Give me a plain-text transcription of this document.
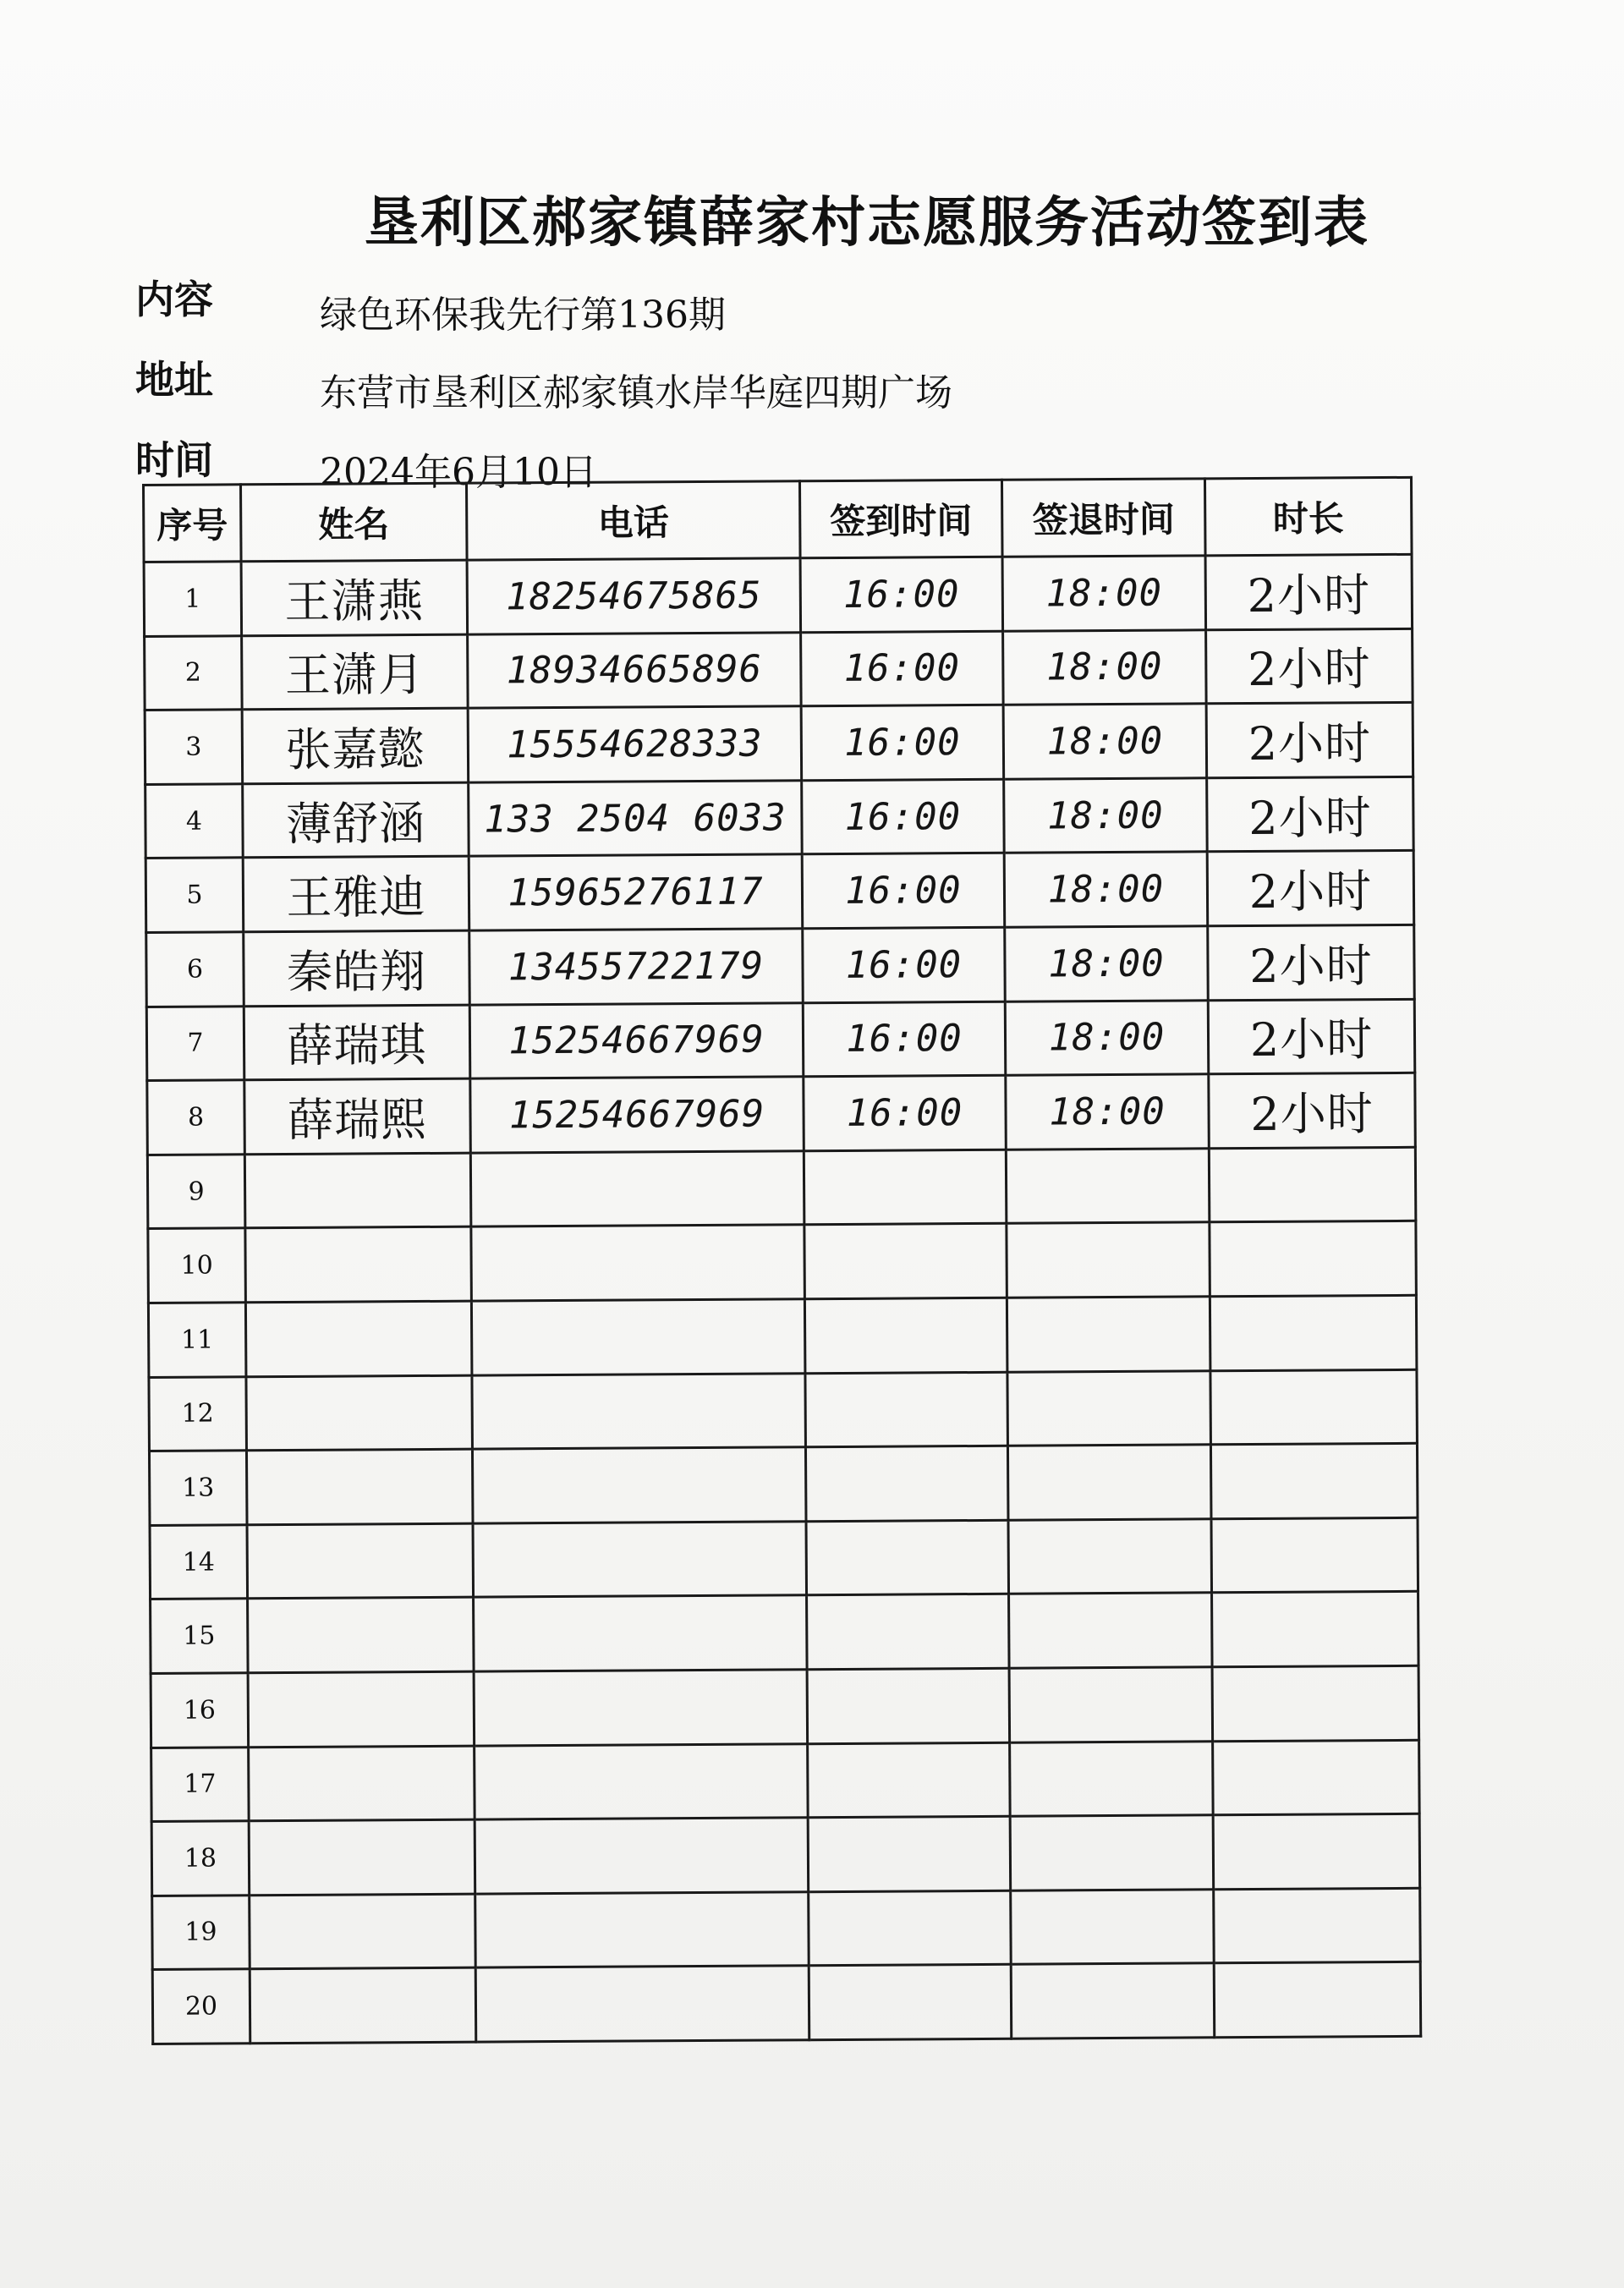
垦利区郝家镇薛家村志愿服务活动签到表
内容	绿色环保我先行第136期
地址	东营市垦利区郝家镇水岸华庭四期广场
时间	2024年6月10日
序号	姓名	电话	签到时间	签退时间	时长
1	王潇燕	18254675865	16:00	18:00	2小时
2	王潇月	18934665896	16:00	18:00	2小时
3	张嘉懿	15554628333	16:00	18:00	2小时
4	薄舒涵	133 2504 6033	16:00	18:00	2小时
5	王雅迪	15965276117	16:00	18:00	2小时
6	秦皓翔	13455722179	16:00	18:00	2小时
7	薛瑞琪	15254667969	16:00	18:00	2小时
8	薛瑞熙	15254667969	16:00	18:00	2小时
9					
10					
11					
12					
13					
14					
15					
16					
17					
18					
19					
20					
